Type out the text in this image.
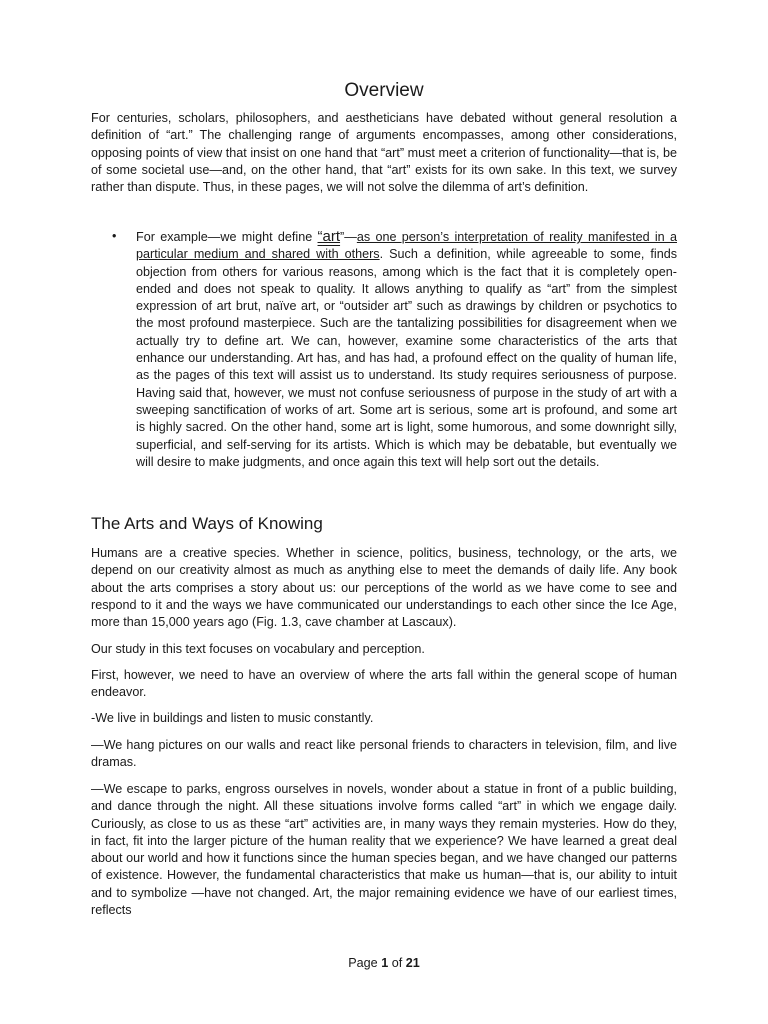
Overview

For centuries, scholars, philosophers, and aestheticians have debated without general resolution a definition of “art.” The challenging range of arguments encompasses, among other considerations, opposing points of view that insist on one hand that “art” must meet a criterion of functionality—that is, be of some societal use—and, on the other hand, that “art” exists for its own sake. In this text, we survey rather than dispute. Thus, in these pages, we will not solve the dilemma of art’s definition.

• For example—we might define “art”—as one person’s interpretation of reality manifested in a particular medium and shared with others. Such a definition, while agreeable to some, finds objection from others for various reasons, among which is the fact that it is completely open-ended and does not speak to quality. It allows anything to qualify as “art” from the simplest expression of art brut, naïve art, or “outsider art” such as drawings by children or psychotics to the most profound masterpiece. Such are the tantalizing possibilities for disagreement when we actually try to define art. We can, however, examine some characteristics of the arts that enhance our understanding. Art has, and has had, a profound effect on the quality of human life, as the pages of this text will assist us to understand. Its study requires seriousness of purpose. Having said that, however, we must not confuse seriousness of purpose in the study of art with a sweeping sanctification of works of art. Some art is serious, some art is profound, and some art is highly sacred. On the other hand, some art is light, some humorous, and some downright silly, superficial, and self-serving for its artists. Which is which may be debatable, but eventually we will desire to make judgments, and once again this text will help sort out the details.

The Arts and Ways of Knowing

Humans are a creative species. Whether in science, politics, business, technology, or the arts, we depend on our creativity almost as much as anything else to meet the demands of daily life. Any book about the arts comprises a story about us: our perceptions of the world as we have come to see and respond to it and the ways we have communicated our understandings to each other since the Ice Age, more than 15,000 years ago (Fig. 1.3, cave chamber at Lascaux).

Our study in this text focuses on vocabulary and perception.

First, however, we need to have an overview of where the arts fall within the general scope of human endeavor.

-We live in buildings and listen to music constantly.

—We hang pictures on our walls and react like personal friends to characters in television, film, and live dramas.

—We escape to parks, engross ourselves in novels, wonder about a statue in front of a public building, and dance through the night. All these situations involve forms called “art” in which we engage daily. Curiously, as close to us as these “art” activities are, in many ways they remain mysteries. How do they, in fact, fit into the larger picture of the human reality that we experience? We have learned a great deal about our world and how it functions since the human species began, and we have changed our patterns of existence. However, the fundamental characteristics that make us human—that is, our ability to intuit and to symbolize —have not changed. Art, the major remaining evidence we have of our earliest times, reflects

Page 1 of 21
